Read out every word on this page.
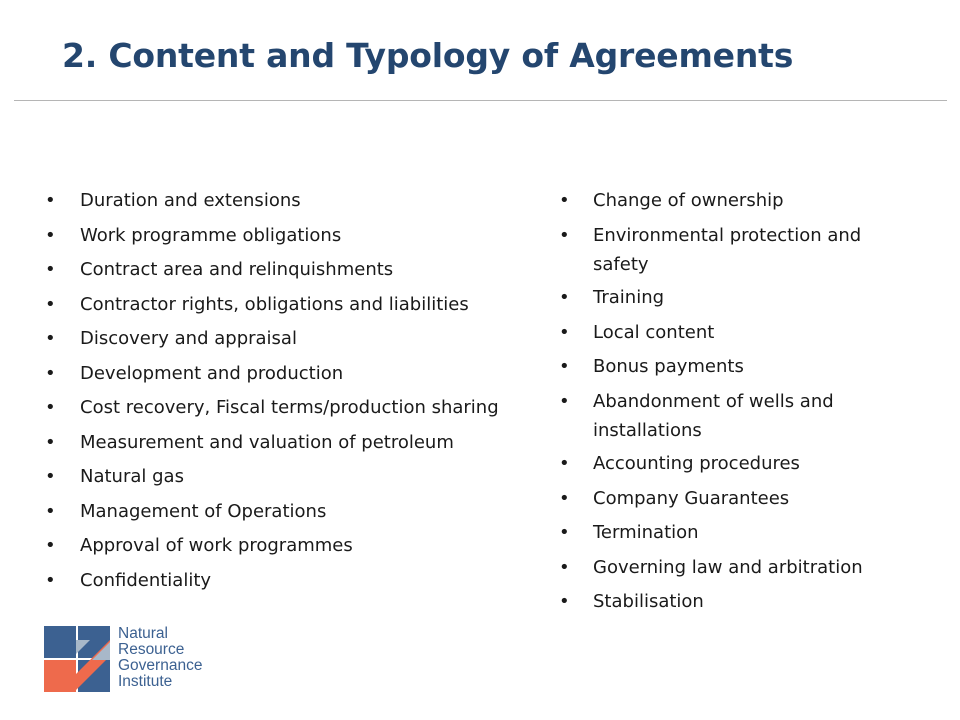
2. Content and Typology of Agreements
• Duration and extensions
• Work programme obligations
• Contract area and relinquishments
• Contractor rights, obligations and liabilities
• Discovery and appraisal
• Development and production
• Cost recovery, Fiscal terms/production sharing
• Measurement and valuation of petroleum
• Natural gas
• Management of Operations
• Approval of work programmes
• Confidentiality
• Change of ownership
• Environmental protection and safety
• Training
• Local content
• Bonus payments
• Abandonment of wells and installations
• Accounting procedures
• Company Guarantees
• Termination
• Governing law and arbitration
• Stabilisation
Natural
Resource
Governance
Institute
